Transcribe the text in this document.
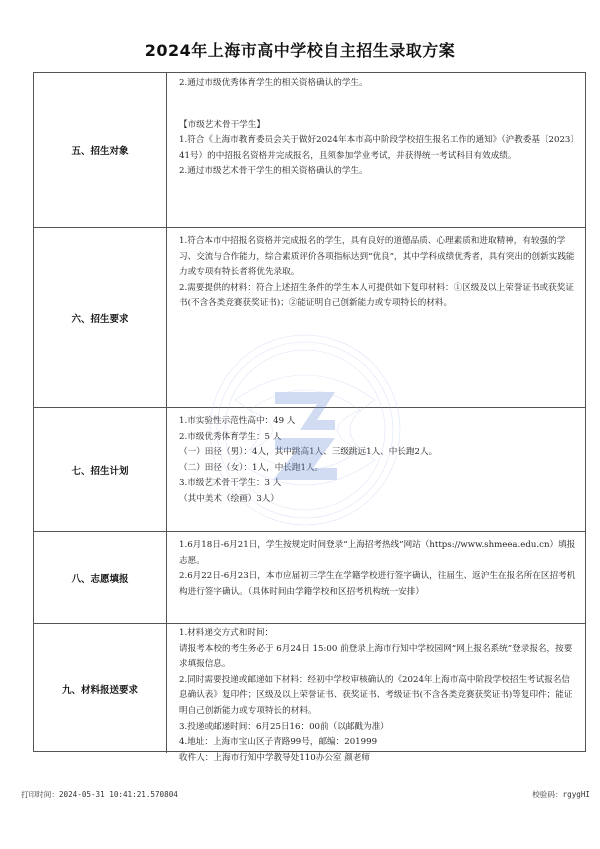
2024年上海市高中学校自主招生录取方案
五、招生对象

2.通过市级优秀体育学生的相关资格确认的学生。

【市级艺术骨干学生】

1.符合《上海市教育委员会关于做好2024年本市高中阶段学校招生报名工作的通知》（沪教委基〔2023〕41号）的中招报名资格并完成报名，且须参加学业考试，并获得统一考试科目有效成绩。

2.通过市级艺术骨干学生的相关资格确认的学生。

六、招生要求

1.符合本市中招报名资格并完成报名的学生，具有良好的道德品质、心理素质和进取精神，有较强的学习、交流与合作能力，综合素质评价各项指标达到“优良”，其中学科成绩优秀者，具有突出的创新实践能力或专项有特长者将优先录取。

2.需要提供的材料：符合上述招生条件的学生本人可提供如下复印材料：①区级及以上荣誉证书或获奖证书(不含各类竞赛获奖证书)；②能证明自己创新能力或专项特长的材料。

七、招生计划

1.市实验性示范性高中：49 人

2.市级优秀体育学生：5 人

（一）田径（男）：4人，其中跳高1人、三级跳远1人、中长跑2人。

（二）田径（女）：1人，中长跑1人。

3.市级艺术骨干学生：3 人

（其中美术（绘画）3人）

八、志愿填报

1.6月18日-6月21日，学生按规定时间登录“上海招考热线”网站（https://www.shmeea.edu.cn）填报志愿。

2.6月22日-6月23日，本市应届初三学生在学籍学校进行签字确认，往届生、返沪生在报名所在区招考机构进行签字确认。（具体时间由学籍学校和区招考机构统一安排）

九、材料报送要求

1.材料递交方式和时间：

请报考本校的考生务必于 6月24日 15:00 前登录上海市行知中学校园网“网上报名系统”登录报名，按要求填报信息。

2.同时需要投递或邮递如下材料：经初中学校审核确认的《2024年上海市高中阶段学校招生考试报名信息确认表》复印件；区级及以上荣誉证书、获奖证书、考级证书(不含各类竞赛获奖证书)等复印件；能证明自己创新能力或专项特长的材料。

3.投递或邮递时间：6月25日16：00前（以邮戳为准）

4.地址：上海市宝山区子青路99号，邮编：201999

收件人：上海市行知中学教导处110办公室 颜老师

打印时间：2024-05-31 10:41:21.570804	校验码：rgygHI
